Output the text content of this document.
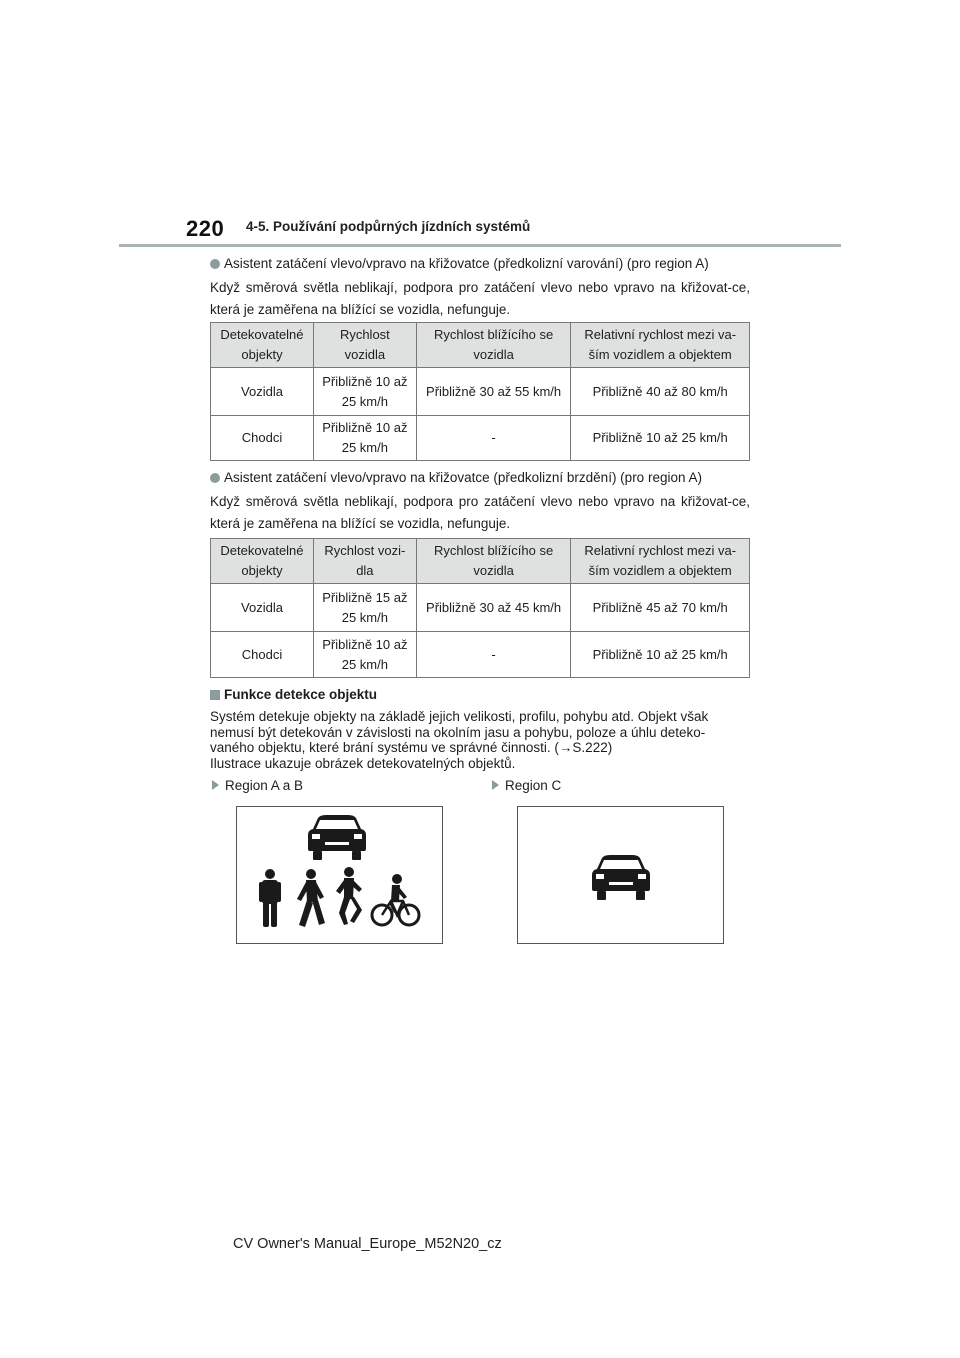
220 4-5. Používání podpůrných jízdních systémů
Asistent zatáčení vlevo/vpravo na křižovatce (předkolizní varování) (pro region A)
Když směrová světla neblikají, podpora pro zatáčení vlevo nebo vpravo na křižovat-ce, která je zaměřena na blížící se vozidla, nefunguje.
Detekovatelné objekty	Rychlost vozidla	Rychlost blížícího se vozidla	Relativní rychlost mezi va-ším vozidlem a objektem
Vozidla	Přibližně 10 až 25 km/h	Přibližně 30 až 55 km/h	Přibližně 40 až 80 km/h
Chodci	Přibližně 10 až 25 km/h	-	Přibližně 10 až 25 km/h
Asistent zatáčení vlevo/vpravo na křižovatce (předkolizní brzdění) (pro region A)
Když směrová světla neblikají, podpora pro zatáčení vlevo nebo vpravo na křižovat-ce, která je zaměřena na blížící se vozidla, nefunguje.
Detekovatelné objekty	Rychlost vozi-dla	Rychlost blížícího se vozidla	Relativní rychlost mezi va-ším vozidlem a objektem
Vozidla	Přibližně 15 až 25 km/h	Přibližně 30 až 45 km/h	Přibližně 45 až 70 km/h
Chodci	Přibližně 10 až 25 km/h	-	Přibližně 10 až 25 km/h
Funkce detekce objektu
Systém detekuje objekty na základě jejich velikosti, profilu, pohybu atd. Objekt však
nemusí být detekován v závislosti na okolním jasu a pohybu, poloze a úhlu deteko-
vaného objektu, které brání systému ve správné činnosti. (→S.222)
Ilustrace ukazuje obrázek detekovatelných objektů.
Region A a B	Region C
CV Owner's Manual_Europe_M52N20_cz
